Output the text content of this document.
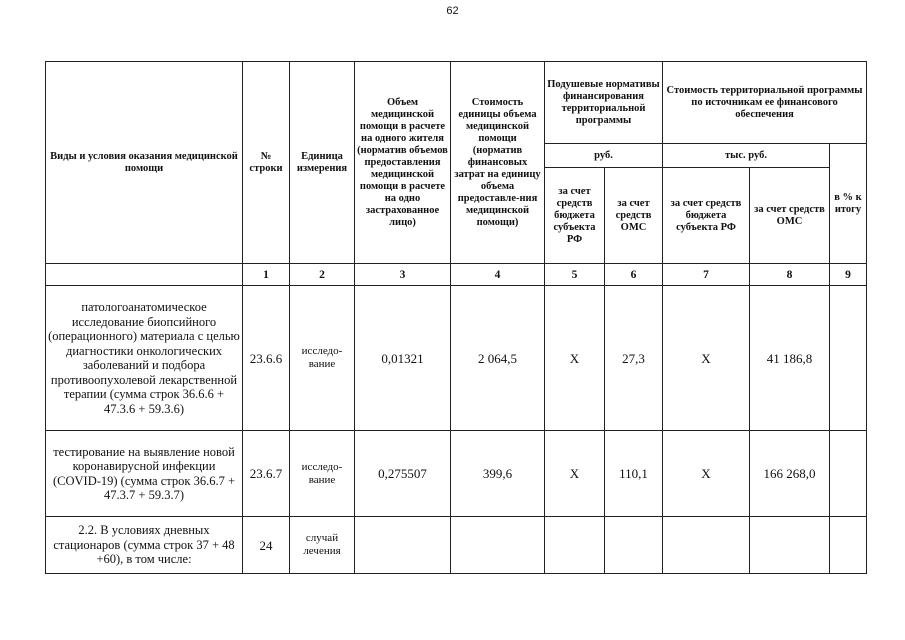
62
Виды и условия оказания медицинской помощи	№ строки	Единица измерения	Объем медицинской помощи в расчете на одного жителя (норматив объемов предоставления медицинской помощи в расчете на одно застрахованное лицо)	Стоимость единицы объема медицинской помощи (норматив финансовых затрат на единицу объема предоставле-ния медицинской помощи)	Подушевые нормативы финансирования территориальной программы		Стоимость территориальной программы по источникам ее финансового обеспечения		
					руб.		тыс. руб.		в % к итогу
					за счет средств бюджета субъекта РФ	за счет средств ОМС	за счет средств бюджета субъекта РФ	за счет средств ОМС	
	1	2	3	4	5	6	7	8	9
патологоанатомическое исследование биопсийного (операционного) материала с целью диагностики онкологических заболеваний и подбора противоопухолевой лекарственной терапии (сумма строк 36.6.6 + 47.3.6 + 59.3.6)	23.6.6	исследо-вание	0,01321	2 064,5	Х	27,3	Х	41 186,8	
тестирование на выявление новой коронавирусной инфекции (COVID-19) (сумма строк 36.6.7 + 47.3.7 + 59.3.7)	23.6.7	исследо-вание	0,275507	399,6	Х	110,1	Х	166 268,0	
2.2. В условиях дневных стационаров (сумма строк 37 + 48 +60), в том числе:	24	случай лечения							
